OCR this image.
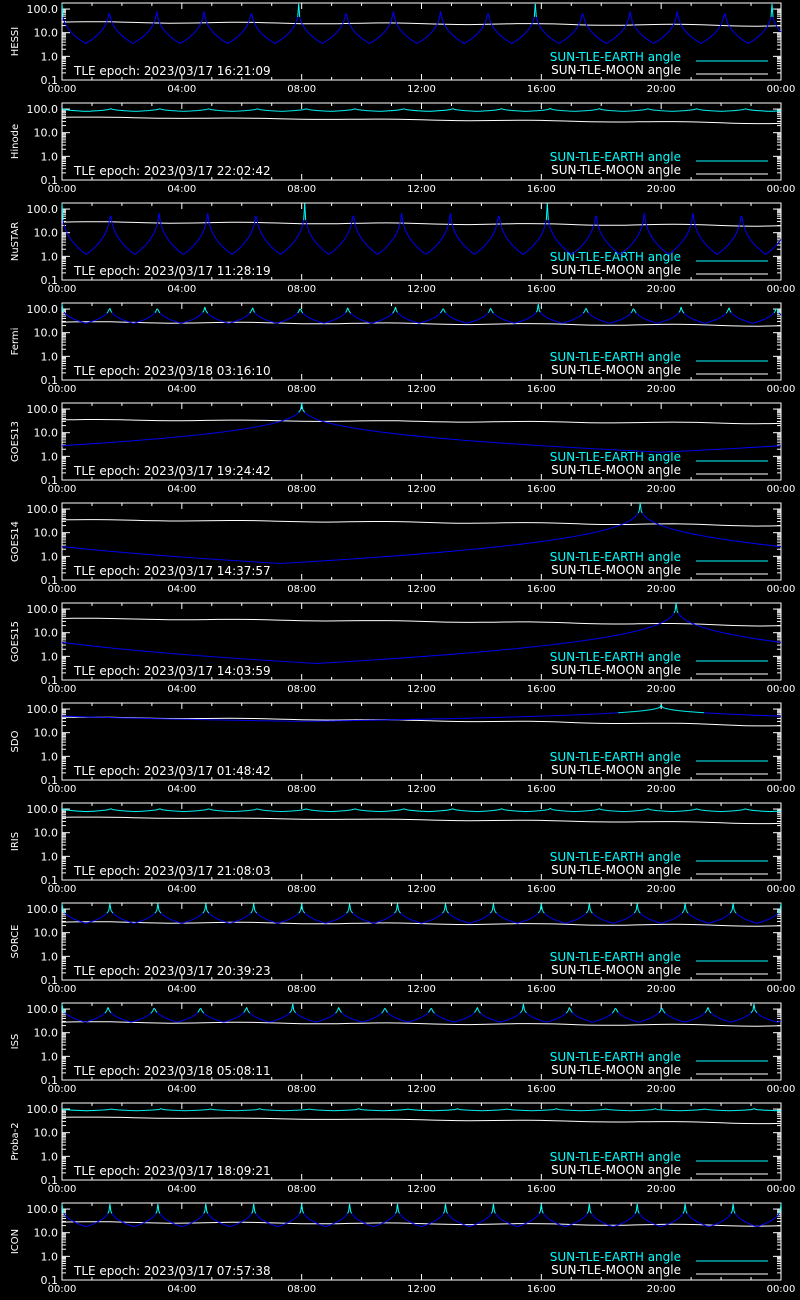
0.1
1.0
10.0
100.0
00:00	04:00	08:00	12:00	16:00	20:00	00:00
HESSI
TLE epoch: 2023/03/17 16:21:09
SUN-TLE-EARTH angle
SUN-TLE-MOON angle
0.1
1.0
10.0
100.0
00:00	04:00	08:00	12:00	16:00	20:00	00:00
Hinode
TLE epoch: 2023/03/17 22:02:42
SUN-TLE-EARTH angle
SUN-TLE-MOON angle
0.1
1.0
10.0
100.0
00:00	04:00	08:00	12:00	16:00	20:00	00:00
NuSTAR
TLE epoch: 2023/03/17 11:28:19
SUN-TLE-EARTH angle
SUN-TLE-MOON angle
0.1
1.0
10.0
100.0
00:00	04:00	08:00	12:00	16:00	20:00	00:00
Fermi
TLE epoch: 2023/03/18 03:16:10
SUN-TLE-EARTH angle
SUN-TLE-MOON angle
0.1
1.0
10.0
100.0
00:00	04:00	08:00	12:00	16:00	20:00	00:00
GOES13
TLE epoch: 2023/03/17 19:24:42
SUN-TLE-EARTH angle
SUN-TLE-MOON angle
0.1
1.0
10.0
100.0
00:00	04:00	08:00	12:00	16:00	20:00	00:00
GOES14
TLE epoch: 2023/03/17 14:37:57
SUN-TLE-EARTH angle
SUN-TLE-MOON angle
0.1
1.0
10.0
100.0
00:00	04:00	08:00	12:00	16:00	20:00	00:00
GOES15
TLE epoch: 2023/03/17 14:03:59
SUN-TLE-EARTH angle
SUN-TLE-MOON angle
0.1
1.0
10.0
100.0
00:00	04:00	08:00	12:00	16:00	20:00	00:00
SDO
TLE epoch: 2023/03/17 01:48:42
SUN-TLE-EARTH angle
SUN-TLE-MOON angle
0.1
1.0
10.0
100.0
00:00	04:00	08:00	12:00	16:00	20:00	00:00
IRIS
TLE epoch: 2023/03/17 21:08:03
SUN-TLE-EARTH angle
SUN-TLE-MOON angle
0.1
1.0
10.0
100.0
00:00	04:00	08:00	12:00	16:00	20:00	00:00
SORCE
TLE epoch: 2023/03/17 20:39:23
SUN-TLE-EARTH angle
SUN-TLE-MOON angle
0.1
1.0
10.0
100.0
00:00	04:00	08:00	12:00	16:00	20:00	00:00
ISS
TLE epoch: 2023/03/18 05:08:11
SUN-TLE-EARTH angle
SUN-TLE-MOON angle
0.1
1.0
10.0
100.0
00:00	04:00	08:00	12:00	16:00	20:00	00:00
Proba-2
TLE epoch: 2023/03/17 18:09:21
SUN-TLE-EARTH angle
SUN-TLE-MOON angle
0.1
1.0
10.0
100.0
00:00	04:00	08:00	12:00	16:00	20:00	00:00
ICON
TLE epoch: 2023/03/17 07:57:38
SUN-TLE-EARTH angle
SUN-TLE-MOON angle
